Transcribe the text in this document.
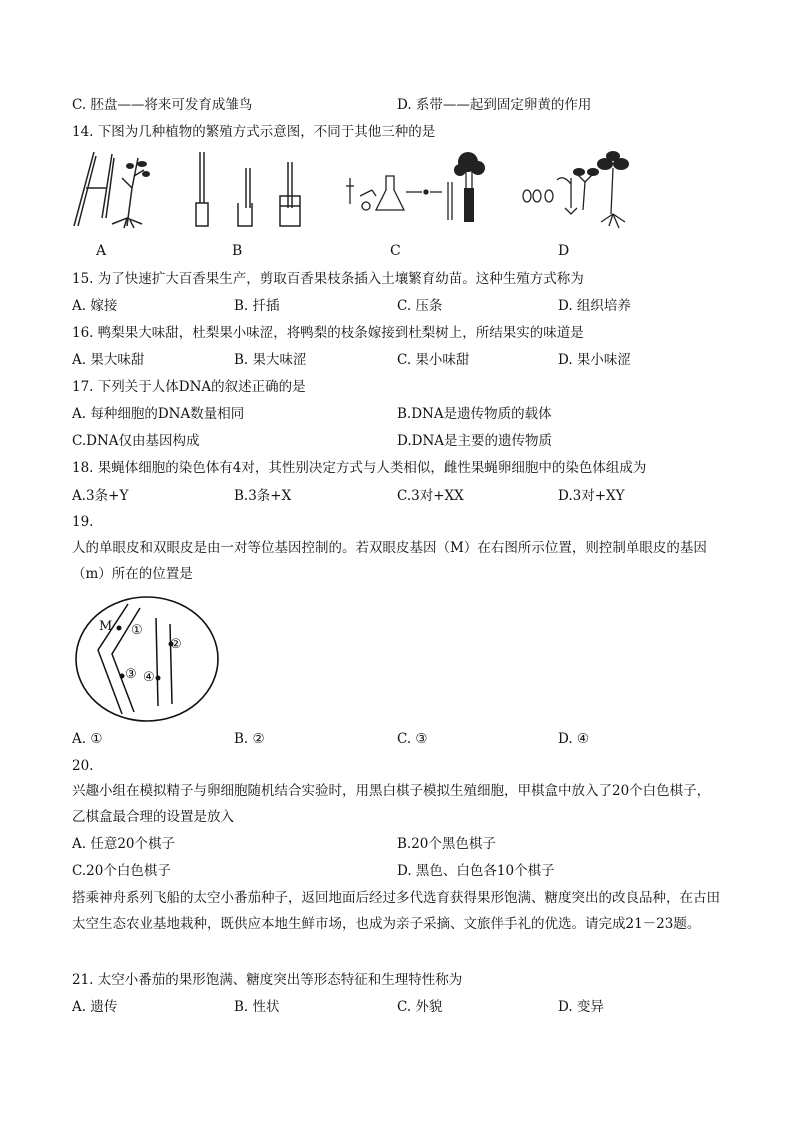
C. 胚盘——将来可发育成雏鸟	D. 系带——起到固定卵黄的作用
14. 下图为几种植物的繁殖方式示意图，不同于其他三种的是
A	B	C	D
15. 为了快速扩大百香果生产，剪取百香果枝条插入土壤繁育幼苗。这种生殖方式称为
A. 嫁接	B. 扦插	C. 压条	D. 组织培养
16. 鸭梨果大味甜，杜梨果小味涩，将鸭梨的枝条嫁接到杜梨树上，所结果实的味道是
A. 果大味甜	B. 果大味涩	C. 果小味甜	D. 果小味涩
17. 下列关于人体DNA的叙述正确的是
A. 每种细胞的DNA数量相同	B.DNA是遗传物质的载体
C.DNA仅由基因构成	D.DNA是主要的遗传物质
18. 果蝇体细胞的染色体有4对，其性别决定方式与人类相似，雌性果蝇卵细胞中的染色体组成为
A.3条+Y	B.3条+X	C.3对+XX	D.3对+XY
19.
人的单眼皮和双眼皮是由一对等位基因控制的。若双眼皮基因（M）在右图所示位置，则控制单眼皮的基因（m）所在的位置是
M ①
②
③ ④
A. ①	B. ②	C. ③	D. ④
20.
兴趣小组在模拟精子与卵细胞随机结合实验时，用黑白棋子模拟生殖细胞，甲棋盒中放入了20个白色棋子，乙棋盒最合理的设置是放入
A. 任意20个棋子	B.20个黑色棋子
C.20个白色棋子	D. 黑色、白色各10个棋子
搭乘神舟系列飞船的太空小番茄种子，返回地面后经过多代选育获得果形饱满、糖度突出的改良品种，在古田太空生态农业基地栽种，既供应本地生鲜市场，也成为亲子采摘、文旅伴手礼的优选。请完成21－23题。
21. 太空小番茄的果形饱满、糖度突出等形态特征和生理特性称为
A. 遗传	B. 性状	C. 外貌	D. 变异
